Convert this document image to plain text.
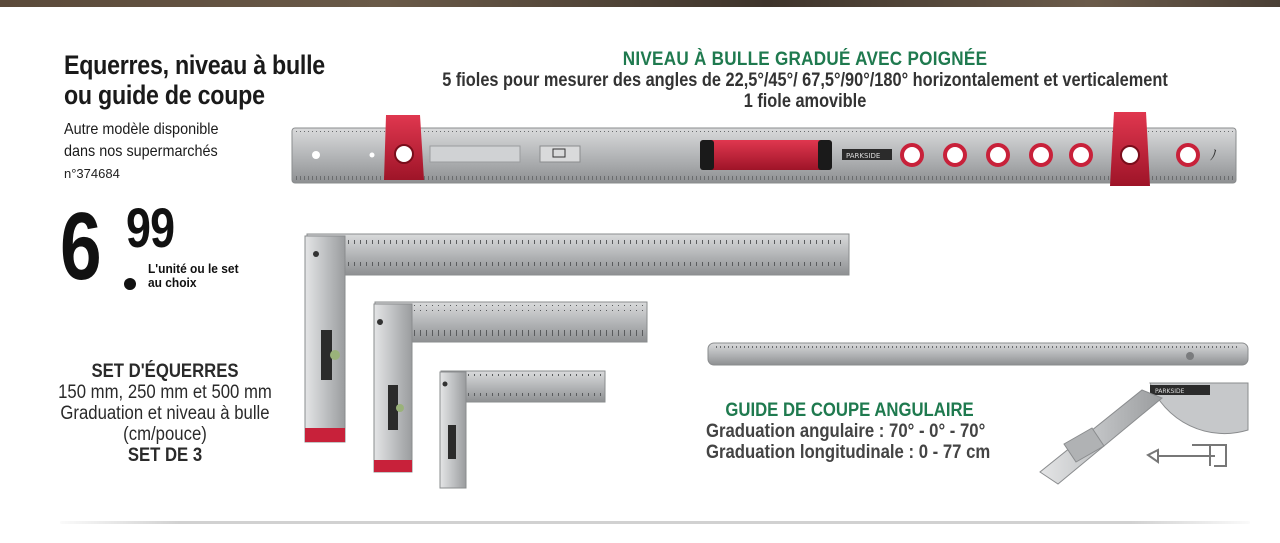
Equerres, niveau à bulle
ou guide de coupe
Autre modèle disponible
dans nos supermarchés
n°374684
6 99
L'unité ou le set
au choix
SET D'ÉQUERRES
150 mm, 250 mm et 500 mm
Graduation et niveau à bulle
(cm/pouce)
SET DE 3
NIVEAU À BULLE GRADUÉ AVEC POIGNÉE
5 fioles pour mesurer des angles de 22,5°/45°/ 67,5°/90°/180° horizontalement et verticalement
1 fiole amovible
GUIDE DE COUPE ANGULAIRE
Graduation angulaire : 70° - 0° - 70°
Graduation longitudinale : 0 - 77 cm
PARKSIDE	ﾉ
PARKSIDE
